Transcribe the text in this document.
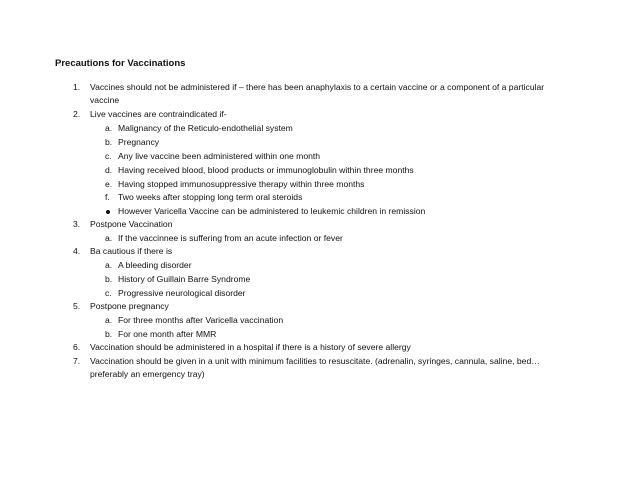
Precautions for Vaccinations
1.	Vaccines should not be administered if – there has been anaphylaxis to a certain vaccine or a component of a particular
vaccine
2.	Live vaccines are contraindicated if-
a. Malignancy of the Reticulo-endothelial system
b. Pregnancy
c. Any live vaccine been administered within one month
d. Having received blood, blood products or immunoglobulin within three months
e. Having stopped immunosuppressive therapy within three months
f. Two weeks after stopping long term oral steroids
However Varicella Vaccine can be administered to leukemic children in remission
3.	Postpone Vaccination
a. If the vaccinnee is suffering from an acute infection or fever
4.	Ba cautious if there is
a. A bleeding disorder
b. History of Guillain Barre Syndrome
c. Progressive neurological disorder
5.	Postpone pregnancy
a. For three months after Varicella vaccination
b. For one month after MMR
6.	Vaccination should be administered in a hospital if there is a history of severe allergy
7.	Vaccination should be given in a unit with minimum facilities to resuscitate. (adrenalin, syringes, cannula, saline, bed…
preferably an emergency tray)
